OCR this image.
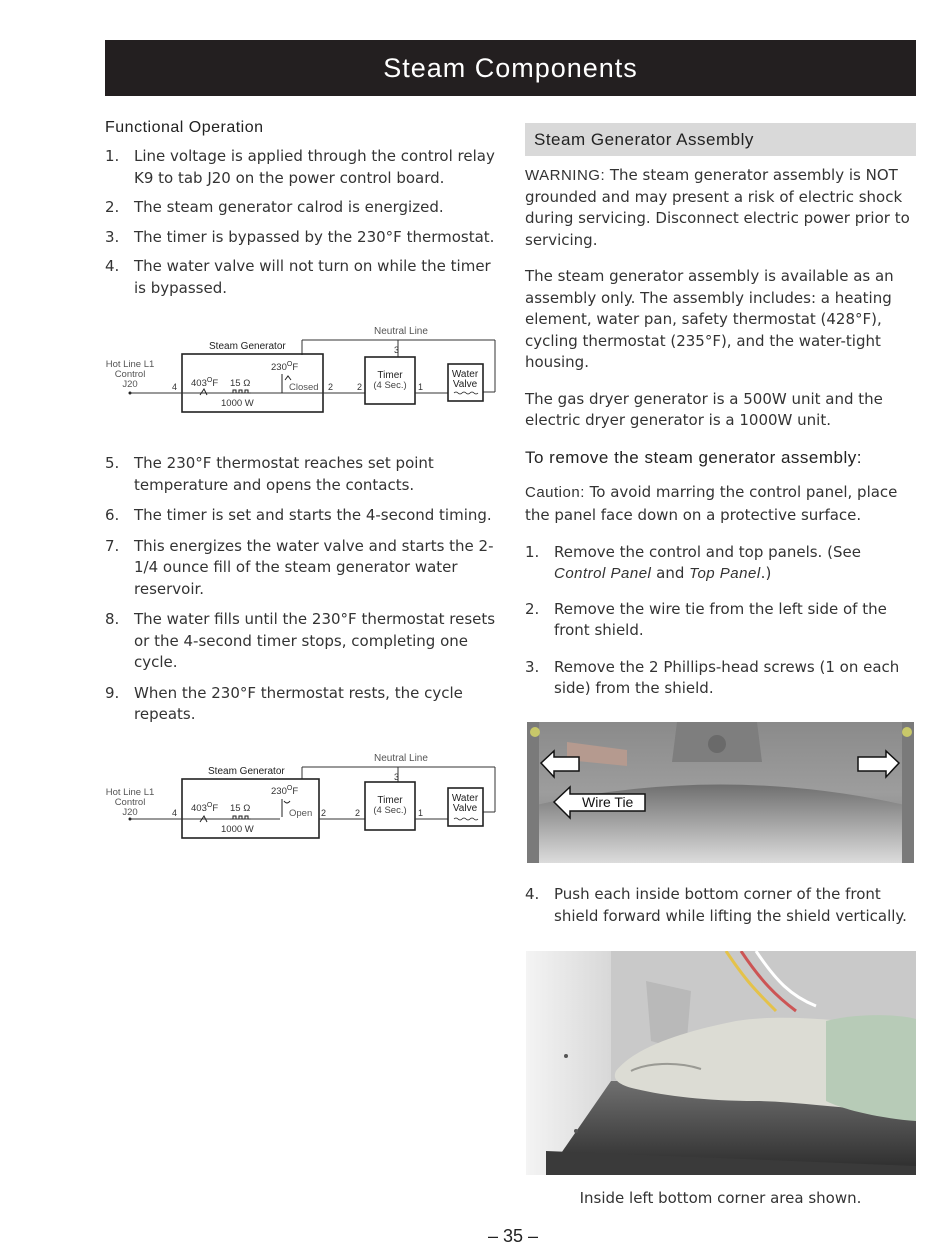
Steam Components
Functional Operation
1. Line voltage is applied through the control relay K9 to tab J20 on the power control board.
2. The steam generator calrod is energized.
3. The timer is bypassed by the 230°F thermostat.
4. The water valve will not turn on while the timer is bypassed.
Neutral Line
3
Steam Generator
Hot Line L1
Control
J20	4 $403^OF$ 15 Ω
1000 W
$230^OF$
Closed 2	2
Timer
(4 Sec.) 1
Water
Valve
5. The 230°F thermostat reaches set point temperature and opens the contacts.
6. The timer is set and starts the 4-second timing.
7. This energizes the water valve and starts the 2-1/4 ounce fill of the steam generator water reservoir.
8. The water fills until the 230°F thermostat resets or the 4-second timer stops, completing one cycle.
9. When the 230°F thermostat rests, the cycle repeats.
Neutral Line
3
Steam Generator
Hot Line L1
Control
J20	4 $403^OF$ 15 Ω
1000 W
$230^OF$
Open 2	2
Timer
(4 Sec.) 1
Water
Valve
Steam Generator Assembly
WARNING: The steam generator assembly is NOT grounded and may present a risk of electric shock during servicing. Disconnect electric power prior to servicing.
The steam generator assembly is available as an assembly only. The assembly includes: a heating element, water pan, safety thermostat (428°F), cycling thermostat (235°F), and the water-tight housing.
The gas dryer generator is a 500W unit and the electric dryer generator is a 1000W unit.
To remove the steam generator assembly:
Caution: To avoid marring the control panel, place the panel face down on a protective surface.
1. Remove the control and top panels. (See Control Panel and Top Panel.)
2. Remove the wire tie from the left side of the front shield.
3. Remove the 2 Phillips-head screws (1 on each side) from the shield.
Wire Tie
4. Push each inside bottom corner of the front shield forward while lifting the shield vertically.
Inside left bottom corner area shown.
– 35 –
